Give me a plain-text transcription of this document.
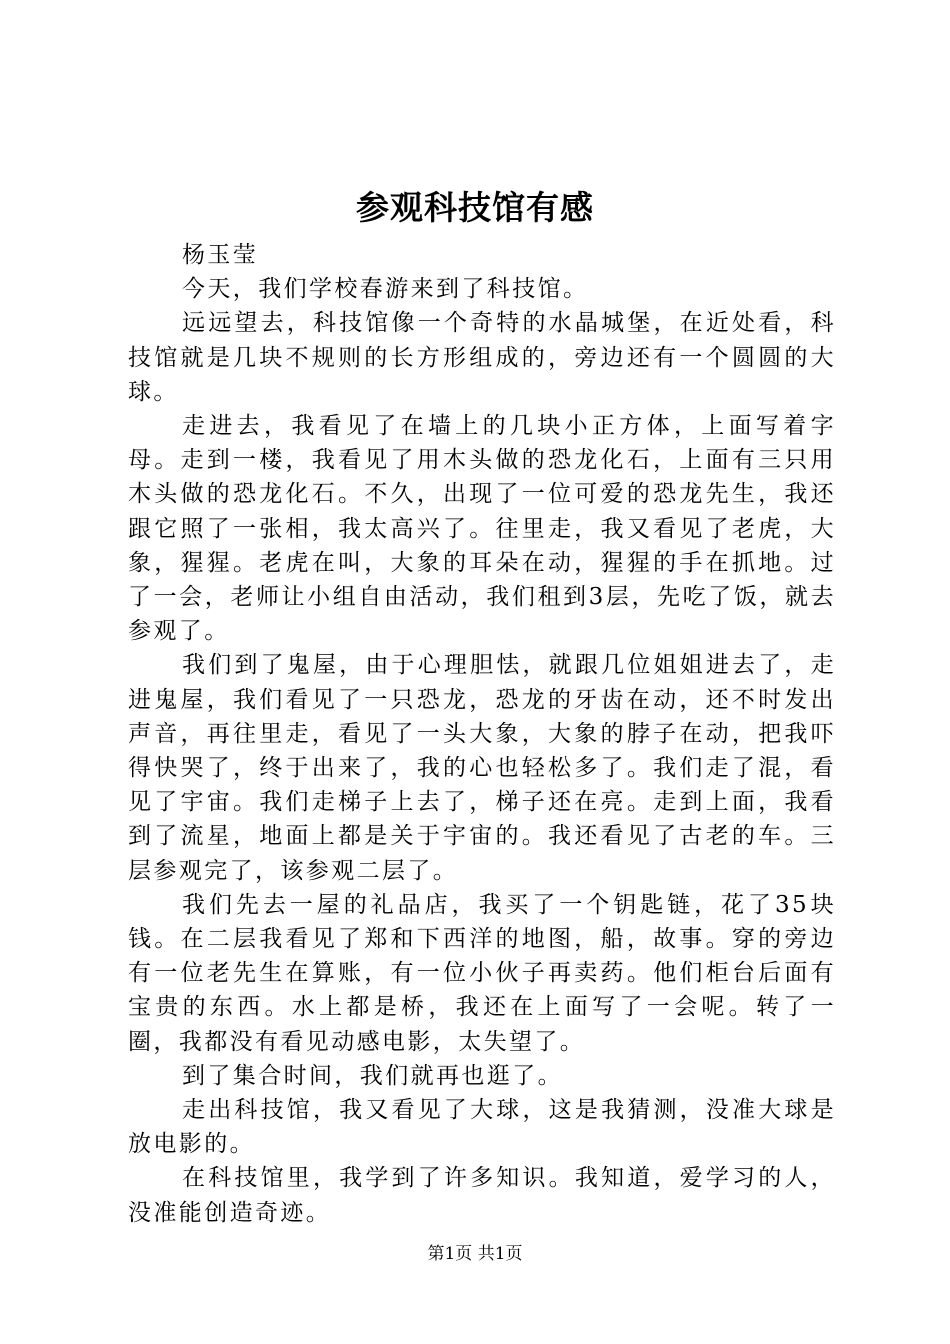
参观科技馆有感

杨玉莹

今天，我们学校春游来到了科技馆。

远远望去，科技馆像一个奇特的水晶城堡，在近处看，科技馆就是几块不规则的长方形组成的，旁边还有一个圆圆的大球。

走进去，我看见了在墙上的几块小正方体，上面写着字母。走到一楼，我看见了用木头做的恐龙化石，上面有三只用木头做的恐龙化石。不久，出现了一位可爱的恐龙先生，我还跟它照了一张相，我太高兴了。往里走，我又看见了老虎，大象，猩猩。老虎在叫，大象的耳朵在动，猩猩的手在抓地。过了一会，老师让小组自由活动，我们租到3层，先吃了饭，就去参观了。

我们到了鬼屋，由于心理胆怯，就跟几位姐姐进去了，走进鬼屋，我们看见了一只恐龙，恐龙的牙齿在动，还不时发出声音，再往里走，看见了一头大象，大象的脖子在动，把我吓得快哭了，终于出来了，我的心也轻松多了。我们走了混，看见了宇宙。我们走梯子上去了，梯子还在亮。走到上面，我看到了流星，地面上都是关于宇宙的。我还看见了古老的车。三层参观完了，该参观二层了。

我们先去一屋的礼品店，我买了一个钥匙链，花了35块钱。在二层我看见了郑和下西洋的地图，船，故事。穿的旁边有一位老先生在算账，有一位小伙子再卖药。他们柜台后面有宝贵的东西。水上都是桥，我还在上面写了一会呢。转了一圈，我都没有看见动感电影，太失望了。

到了集合时间，我们就再也逛了。

走出科技馆，我又看见了大球，这是我猜测，没准大球是放电影的。

在科技馆里，我学到了许多知识。我知道，爱学习的人，没准能创造奇迹。

第1页 共1页
